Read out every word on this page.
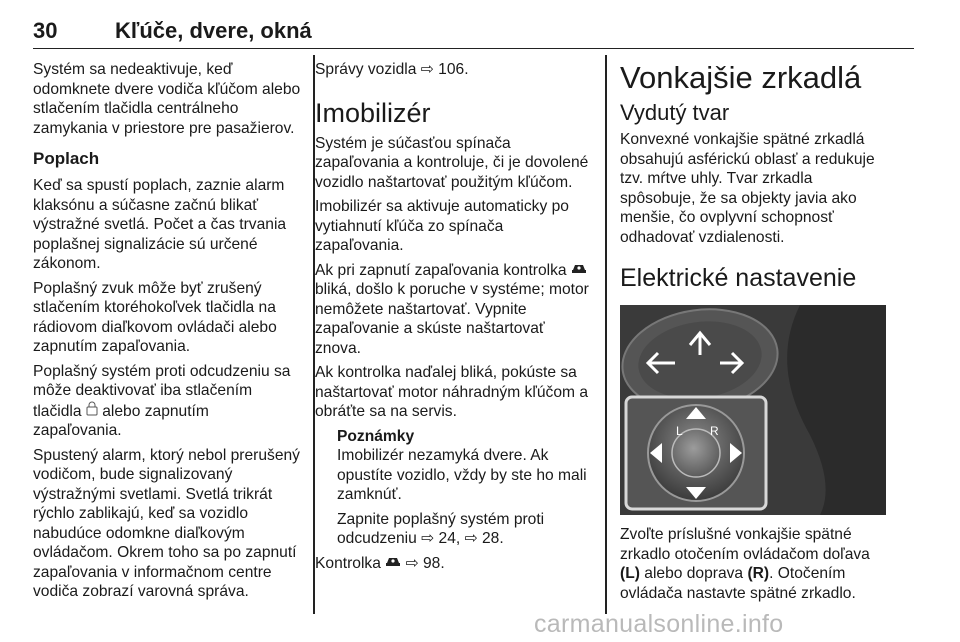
30	Kľúče, dvere, okná

Systém sa nedeaktivuje, keď odomknete dvere vodiča kľúčom alebo stlačením tlačidla centrálneho zamykania v priestore pre pasažierov.

Poplach

Keď sa spustí poplach, zaznie alarm klaksónu a súčasne začnú blikať výstražné svetlá. Počet a čas trvania poplašnej signalizácie sú určené zákonom.

Poplašný zvuk môže byť zrušený stlačením ktoréhokoľvek tlačidla na rádiovom diaľkovom ovládači alebo zapnutím zapaľovania.

Poplašný systém proti odcudzeniu sa môže deaktivovať iba stlačením tlačidla alebo zapnutím zapaľovania.

Spustený alarm, ktorý nebol prerušený vodičom, bude signalizovaný výstražnými svetlami. Svetlá trikrát rýchlo zablikajú, keď sa vozidlo nabudúce odomkne diaľkovým ovládačom. Okrem toho sa po zapnutí zapaľovania v informačnom centre vodiča zobrazí varovná správa.

Správy vozidla ⇨ 106.

Imobilizér

Systém je súčasťou spínača zapaľovania a kontroluje, či je dovolené vozidlo naštartovať použitým kľúčom.

Imobilizér sa aktivuje automaticky po vytiahnutí kľúča zo spínača zapaľovania.

Ak pri zapnutí zapaľovania kontrolka  bliká, došlo k poruche v systéme; motor nemôžete naštartovať. Vypnite zapaľovanie a skúste naštartovať znova.

Ak kontrolka naďalej bliká, pokúste sa naštartovať motor náhradným kľúčom a obráťte sa na servis.

Poznámky

Imobilizér nezamyká dvere. Ak opustíte vozidlo, vždy by ste ho mali zamknúť.

Zapnite poplašný systém proti odcudzeniu ⇨ 24, ⇨ 28.

Kontrolka ⇨ 98.

Vonkajšie zrkadlá
Vydutý tvar

Konvexné vonkajšie spätné zrkadlá obsahujú asférickú oblasť a redukuje tzv. mŕtve uhly. Tvar zrkadla spôsobuje, že sa objekty javia ako menšie, čo ovplyvní schopnosť odhadovať vzdialenosti.

Elektrické nastavenie
L R

Zvoľte príslušné vonkajšie spätné zrkadlo otočením ovládačom doľava (L) alebo doprava (R). Otočením ovládača nastavte spätné zrkadlo.

carmanualsonline.info
